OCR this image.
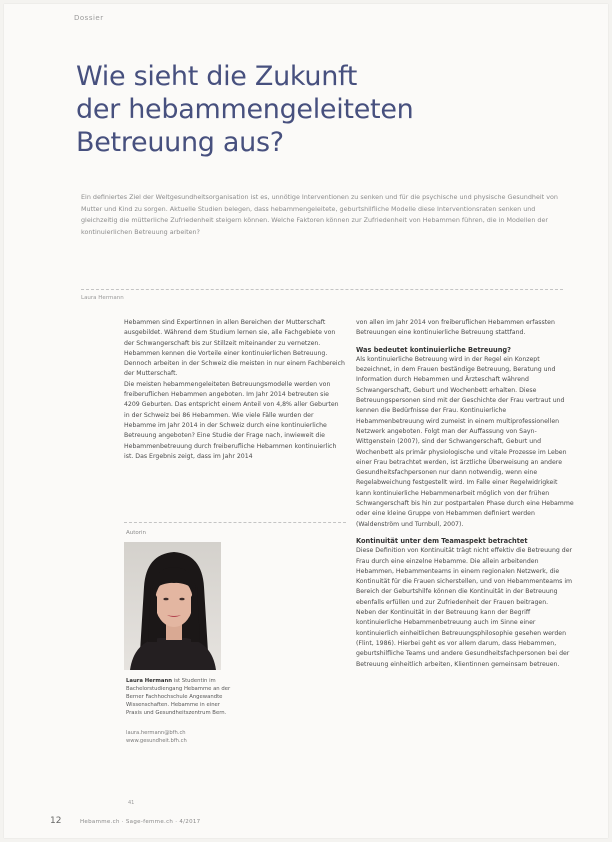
Dossier
Wie sieht die Zukunft
der hebammengeleiteten
Betreuung aus?
Ein definiertes Ziel der Weltgesundheitsorganisation ist es, unnötige Interventionen zu senken und für die psychische und physische Gesundheit von Mutter und Kind zu sorgen. Aktuelle Studien belegen, dass hebammengeleitete, geburtshilfliche Modelle diese Interventionsraten senken und gleichzeitig die mütterliche Zufriedenheit steigern können. Welche Faktoren können zur Zufriedenheit von Hebammen führen, die in Modellen der kontinuierlichen Betreuung arbeiten?
Laura Hermann

Hebammen sind Expertinnen in allen Bereichen der Mutterschaft ausgebildet. Während dem Studium lernen sie, alle Fachgebiete von der Schwangerschaft bis zur Stillzeit miteinander zu vernetzen. Hebammen kennen die Vorteile einer kontinuierlichen Betreuung. Dennoch arbeiten in der Schweiz die meisten in nur einem Fachbereich der Mutterschaft.

Die meisten hebammengeleiteten Betreuungsmodelle werden von freiberuflichen Hebammen angeboten. Im Jahr 2014 betreuten sie 4209 Geburten. Das entspricht einem Anteil von 4,8% aller Geburten in der Schweiz bei 86 Hebammen. Wie viele Fälle wurden der Hebamme im Jahr 2014 in der Schweiz durch eine kontinuierliche Betreuung angeboten? Eine Studie der Frage nach, inwieweit die Hebammenbetreuung durch freiberufliche Hebammen kontinuierlich ist. Das Ergebnis zeigt, dass im Jahr 2014

Autorin
Laura Hermann ist Studentin im Bachelorstudiengang Hebamme an der Berner Fachhochschule Angewandte Wissenschaften. Hebamme in einer Praxis und Gesundheitszentrum Bern.
laura.hermann@bfh.ch
www.gesundheit.bfh.ch

von allen im Jahr 2014 von freiberuflichen Hebammen erfassten Betreuungen eine kontinuierliche Betreuung stattfand.

Was bedeutet kontinuierliche Betreuung?

Als kontinuierliche Betreuung wird in der Regel ein Konzept bezeichnet, in dem Frauen beständige Betreuung, Beratung und Information durch Hebammen und Ärzteschaft während Schwangerschaft, Geburt und Wochenbett erhalten. Diese Betreuungspersonen sind mit der Geschichte der Frau vertraut und kennen die Bedürfnisse der Frau. Kontinuierliche Hebammenbetreuung wird zumeist in einem multiprofessionellen Netzwerk angeboten. Folgt man der Auffassung von Sayn-Wittgenstein (2007), sind der Schwangerschaft, Geburt und Wochenbett als primär physiologische und vitale Prozesse im Leben einer Frau betrachtet werden, ist ärztliche Überweisung an andere Gesundheitsfachpersonen nur dann notwendig, wenn eine Regelabweichung festgestellt wird. Im Falle einer Regelwidrigkeit kann kontinuierliche Hebammenarbeit möglich von der frühen Schwangerschaft bis hin zur postpartalen Phase durch eine Hebamme oder eine kleine Gruppe von Hebammen definiert werden (Waldenström und Turnbull, 2007).

Kontinuität unter dem Teamaspekt betrachtet

Diese Definition von Kontinuität trägt nicht effektiv die Betreuung der Frau durch eine einzelne Hebamme. Die allein arbeitenden Hebammen, Hebammenteams in einem regionalen Netzwerk, die Kontinuität für die Frauen sicherstellen, und von Hebammenteams im Bereich der Geburtshilfe können die Kontinuität in der Betreuung ebenfalls erfüllen und zur Zufriedenheit der Frauen beitragen.

Neben der Kontinuität in der Betreuung kann der Begriff kontinuierliche Hebammenbetreuung auch im Sinne einer kontinuierlich einheitlichen Betreuungsphilosophie gesehen werden (Flint, 1986). Hierbei geht es vor allem darum, dass Hebammen, geburtshilfliche Teams und andere Gesundheitsfachpersonen bei der Betreuung einheitlich arbeiten, Klientinnen gemeinsam betreuen.

41
12	Hebamme.ch · Sage-femme.ch · 4/2017
